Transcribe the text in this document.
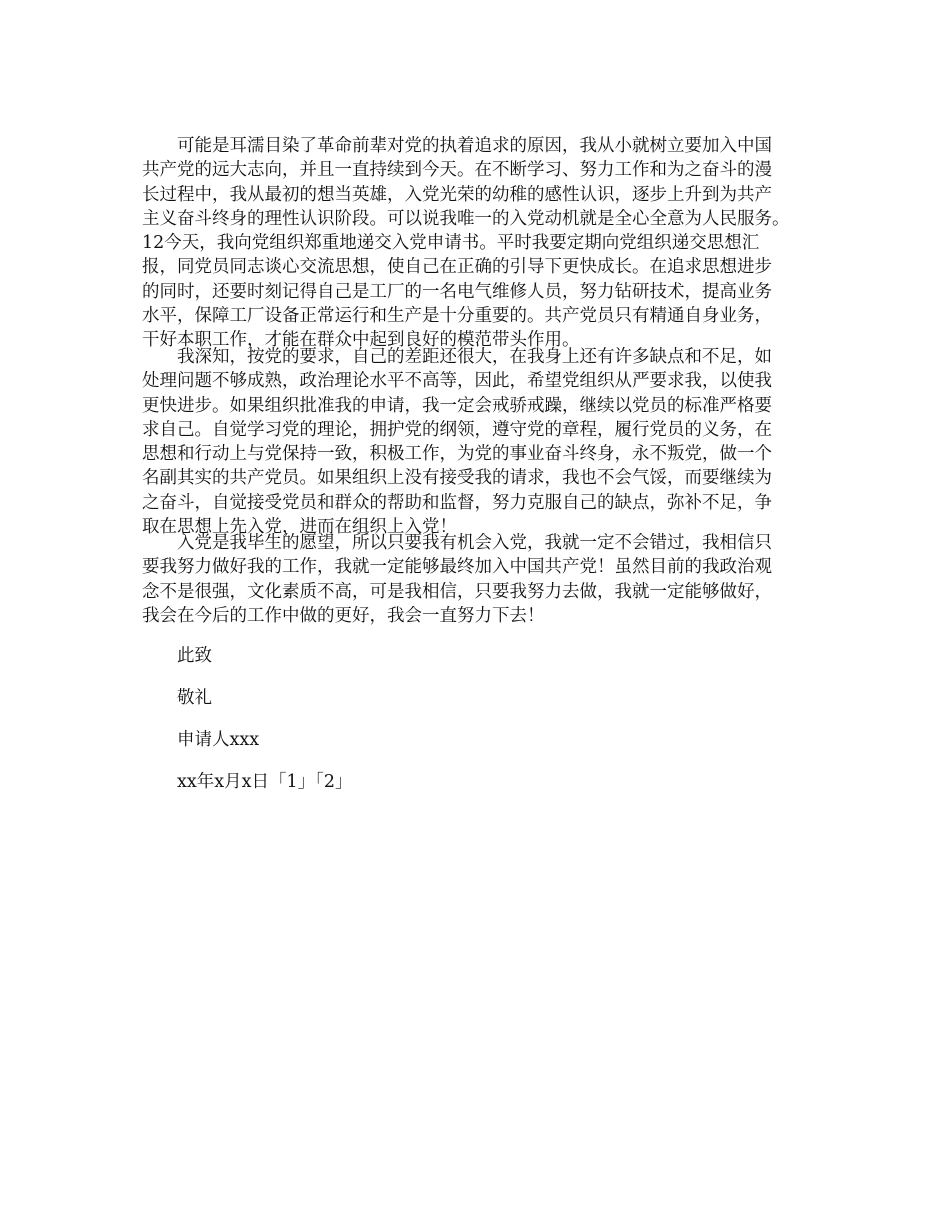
　　可能是耳濡目染了革命前辈对党的执着追求的原因，我从小就树立要加入中国
共产党的远大志向，并且一直持续到今天。在不断学习、努力工作和为之奋斗的漫
长过程中，我从最初的想当英雄，入党光荣的幼稚的感性认识，逐步上升到为共产
主义奋斗终身的理性认识阶段。可以说我唯一的入党动机就是全心全意为人民服务。
12今天，我向党组织郑重地递交入党申请书。平时我要定期向党组织递交思想汇
报，同党员同志谈心交流思想，使自己在正确的引导下更快成长。在追求思想进步
的同时，还要时刻记得自己是工厂的一名电气维修人员，努力钻研技术，提高业务
水平，保障工厂设备正常运行和生产是十分重要的。共产党员只有精通自身业务，
干好本职工作，才能在群众中起到良好的模范带头作用。
　　我深知，按党的要求，自己的差距还很大，在我身上还有许多缺点和不足，如
处理问题不够成熟，政治理论水平不高等，因此，希望党组织从严要求我，以使我
更快进步。如果组织批准我的申请，我一定会戒骄戒躁，继续以党员的标准严格要
求自己。自觉学习党的理论，拥护党的纲领，遵守党的章程，履行党员的义务，在
思想和行动上与党保持一致，积极工作，为党的事业奋斗终身，永不叛党，做一个
名副其实的共产党员。如果组织上没有接受我的请求，我也不会气馁，而要继续为
之奋斗，自觉接受党员和群众的帮助和监督，努力克服自己的缺点，弥补不足，争
取在思想上先入党，进而在组织上入党！
　　入党是我毕生的愿望，所以只要我有机会入党，我就一定不会错过，我相信只
要我努力做好我的工作，我就一定能够最终加入中国共产党！虽然目前的我政治观
念不是很强，文化素质不高，可是我相信，只要我努力去做，我就一定能够做好，
我会在今后的工作中做的更好，我会一直努力下去！
此致
敬礼
申请人xxx
xx年x月x日「1」「2」
